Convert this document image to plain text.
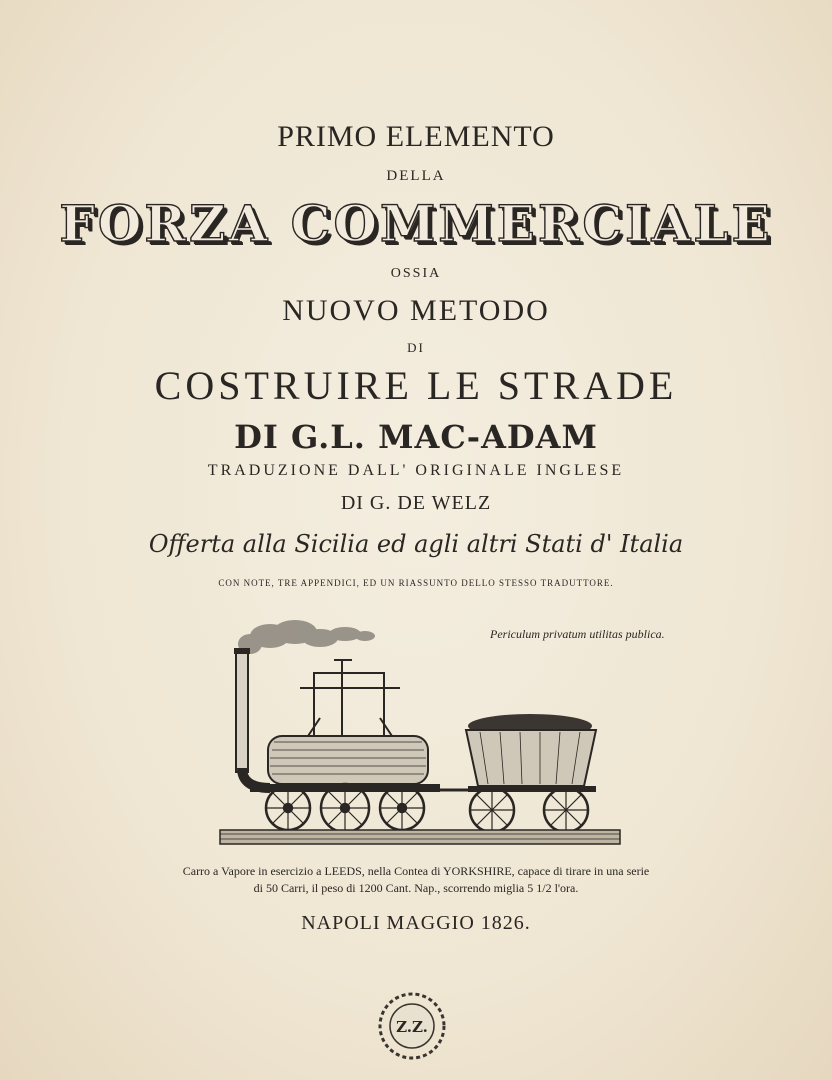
PRIMO ELEMENTO
DELLA
FORZA COMMERCIALE
OSSIA
NUOVO METODO
DI
COSTRUIRE LE STRADE
DI G.L. MAC-ADAM
TRADUZIONE DALL' ORIGINALE INGLESE
DI G. DE WELZ
Offerta alla Sicilia ed agli altri Stati d' Italia
CON NOTE, TRE APPENDICI, ED UN RIASSUNTO DELLO STESSO TRADUTTORE.
Periculum privatum utilitas publica.
Carro a Vapore in esercizio a LEEDS, nella Contea di YORKSHIRE, capace di tirare in una serie
di 50 Carri, il peso di 1200 Cant. Nap., scorrendo miglia 5 1/2 l'ora.
NAPOLI MAGGIO 1826.
Z.Z.
